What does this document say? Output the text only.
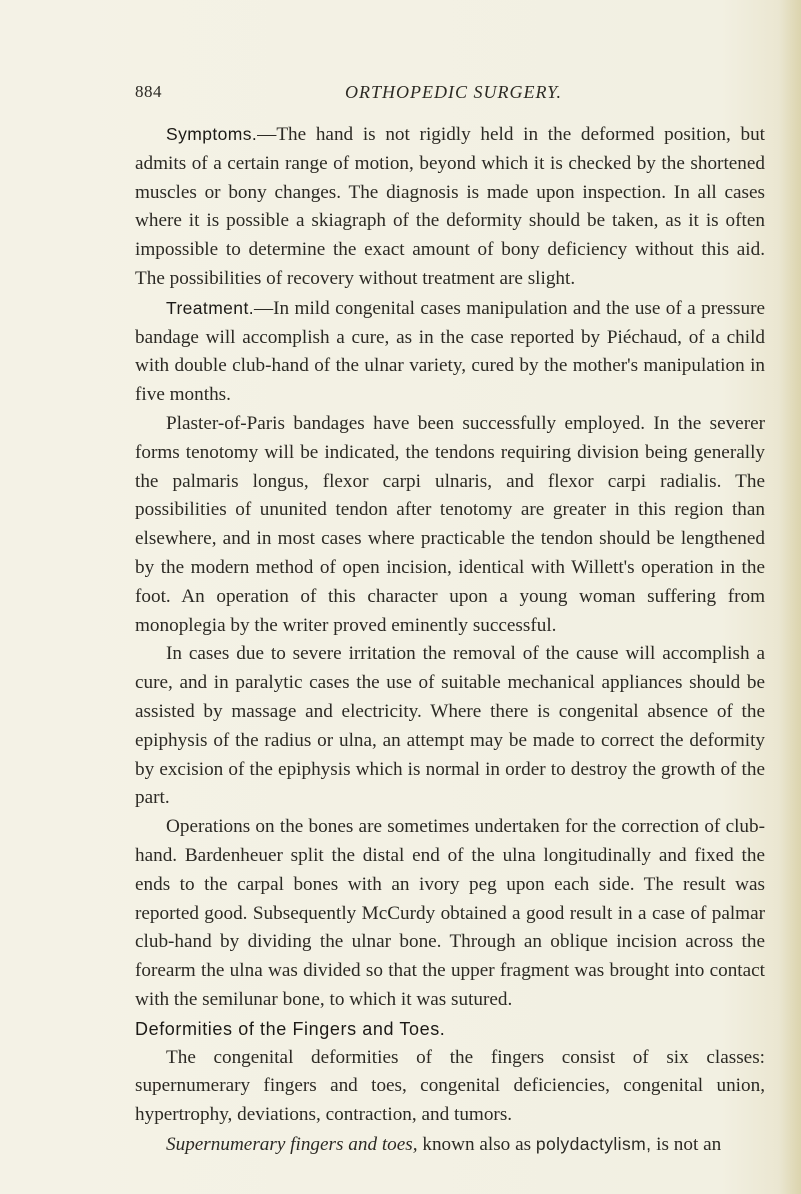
884	ORTHOPEDIC SURGERY.

Symptoms.—The hand is not rigidly held in the deformed position, but admits of a certain range of motion, beyond which it is checked by the shortened muscles or bony changes. The diagnosis is made upon inspection. In all cases where it is possible a skiagraph of the deformity should be taken, as it is often impossible to determine the exact amount of bony deficiency without this aid. The possibilities of recovery without treatment are slight.

Treatment.—In mild congenital cases manipulation and the use of a pressure bandage will accomplish a cure, as in the case reported by Piéchaud, of a child with double club-hand of the ulnar variety, cured by the mother's manipulation in five months.

Plaster-of-Paris bandages have been successfully employed. In the severer forms tenotomy will be indicated, the tendons requiring division being generally the palmaris longus, flexor carpi ulnaris, and flexor carpi radialis. The possibilities of ununited tendon after tenotomy are greater in this region than elsewhere, and in most cases where practicable the tendon should be lengthened by the modern method of open incision, identical with Willett's operation in the foot. An operation of this character upon a young woman suffering from monoplegia by the writer proved eminently successful.

In cases due to severe irritation the removal of the cause will accomplish a cure, and in paralytic cases the use of suitable mechanical appliances should be assisted by massage and electricity. Where there is congenital absence of the epiphysis of the radius or ulna, an attempt may be made to correct the deformity by excision of the epiphysis which is normal in order to destroy the growth of the part.

Operations on the bones are sometimes undertaken for the correction of club-hand. Bardenheuer split the distal end of the ulna longitudinally and fixed the ends to the carpal bones with an ivory peg upon each side. The result was reported good. Subsequently McCurdy obtained a good result in a case of palmar club-hand by dividing the ulnar bone. Through an oblique incision across the forearm the ulna was divided so that the upper fragment was brought into contact with the semilunar bone, to which it was sutured.

Deformities of the Fingers and Toes.

The congenital deformities of the fingers consist of six classes: supernumerary fingers and toes, congenital deficiencies, congenital union, hypertrophy, deviations, contraction, and tumors.

Supernumerary fingers and toes, known also as polydactylism, is not an
